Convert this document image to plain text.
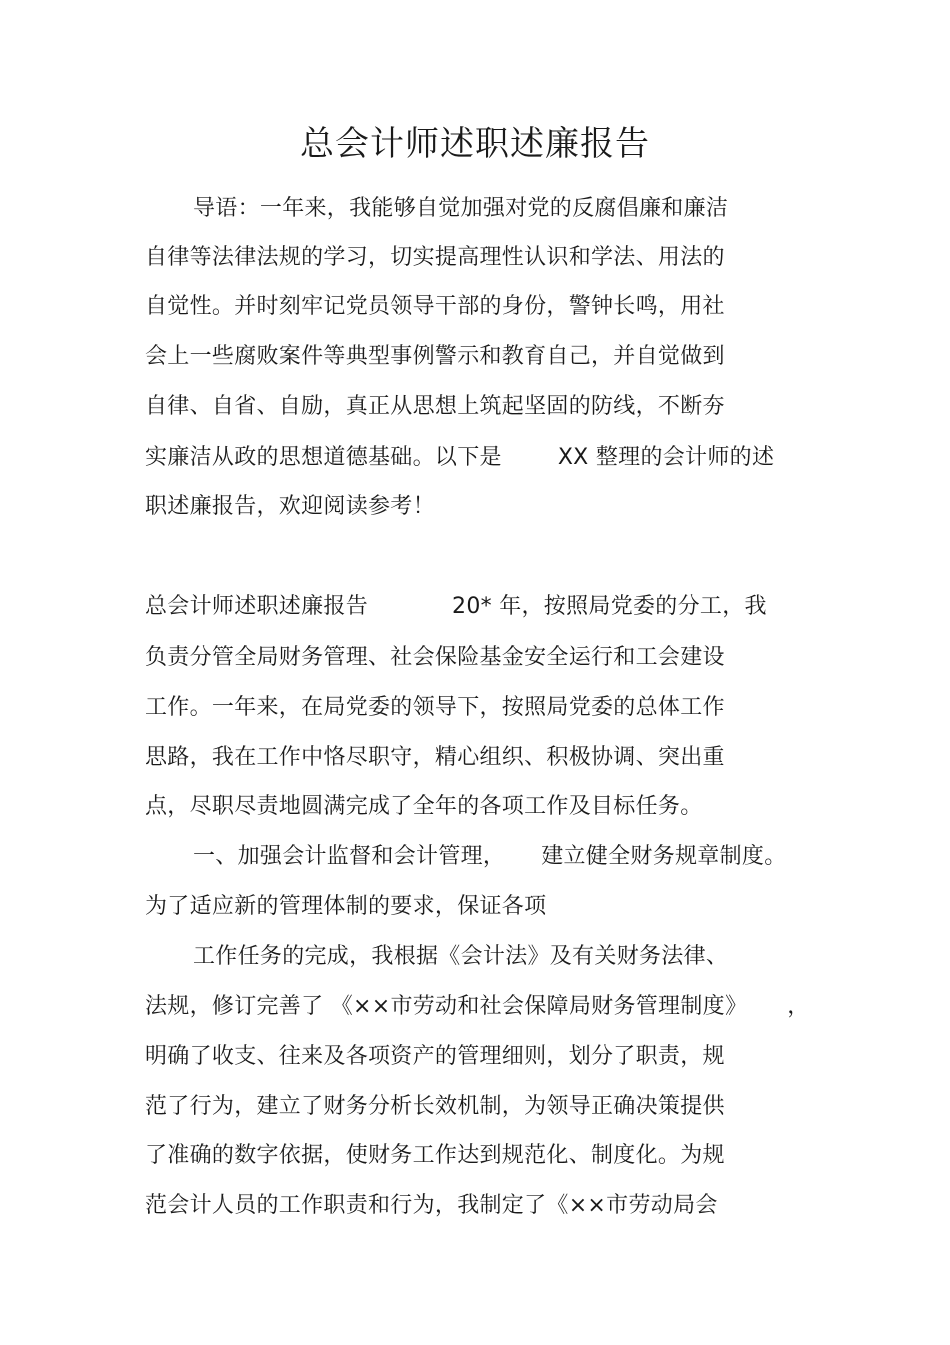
总会计师述职述廉报告
导语：一年来，我能够自觉加强对党的反腐倡廉和廉洁
自律等法律法规的学习，切实提高理性认识和学法、用法的
自觉性。并时刻牢记党员领导干部的身份，警钟长鸣，用社
会上一些腐败案件等典型事例警示和教育自己，并自觉做到
自律、自省、自励，真正从思想上筑起坚固的防线，不断夯
实廉洁从政的思想道德基础。以下是	XX 整理的会计师的述
职述廉报告，欢迎阅读参考！
总会计师述职述廉报告	20* 年，按照局党委的分工，我
负责分管全局财务管理、社会保险基金安全运行和工会建设
工作。一年来，在局党委的领导下，按照局党委的总体工作
思路，我在工作中恪尽职守，精心组织、积极协调、突出重
点，尽职尽责地圆满完成了全年的各项工作及目标任务。
一、加强会计监督和会计管理， 建立健全财务规章制度。
为了适应新的管理体制的要求，保证各项
工作任务的完成，我根据《会计法》及有关财务法律、
法规，修订完善了 《××市劳动和社会保障局财务管理制度》 ，
明确了收支、往来及各项资产的管理细则，划分了职责，规
范了行为，建立了财务分析长效机制，为领导正确决策提供
了准确的数字依据，使财务工作达到规范化、制度化。为规
范会计人员的工作职责和行为，我制定了《××市劳动局会
